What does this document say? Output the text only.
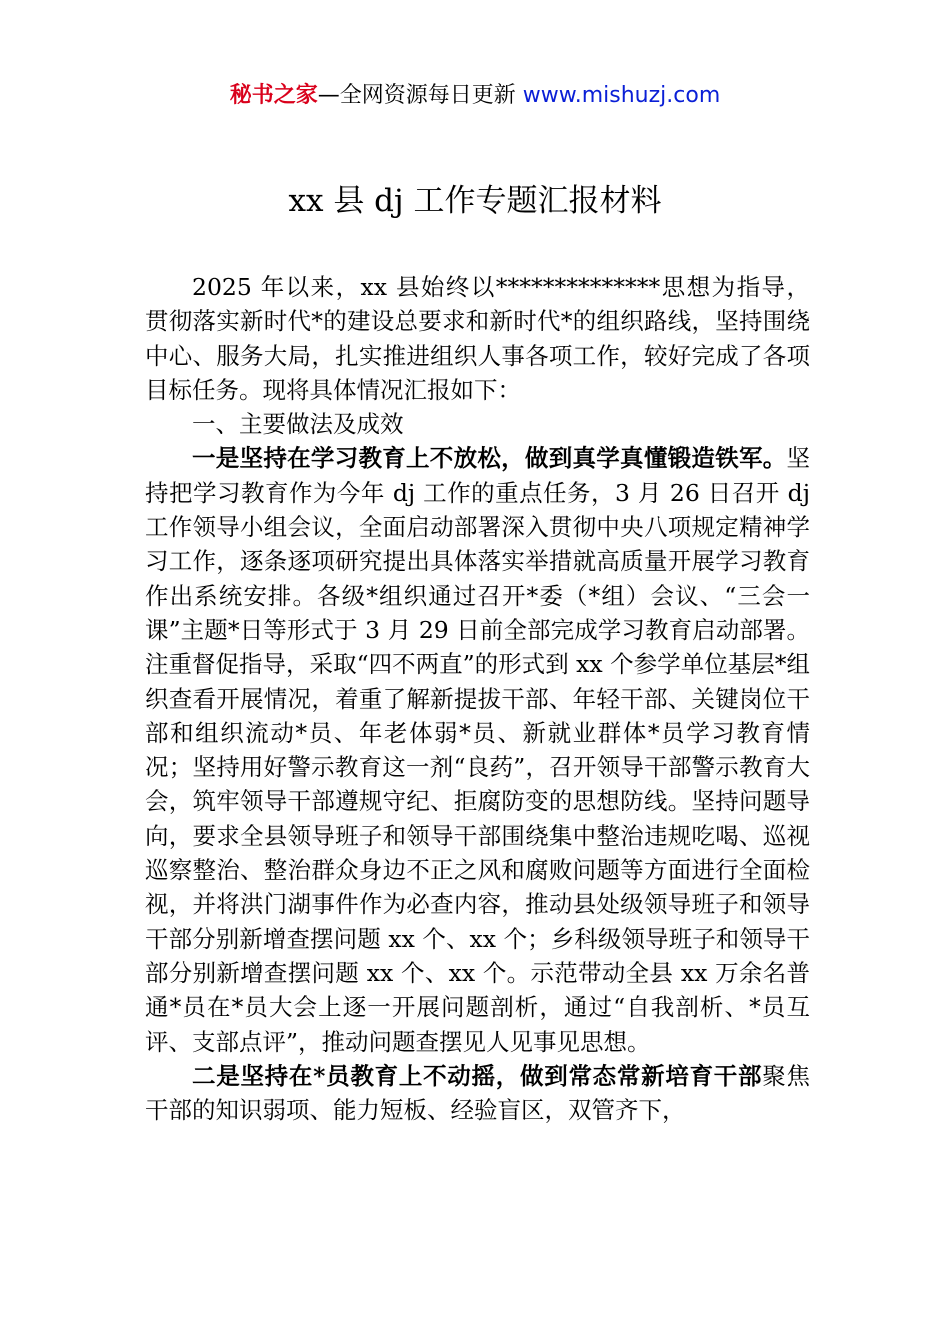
秘书之家—全网资源每日更新 www.mishuzj.com
xx 县 dj 工作专题汇报材料

2025 年以来，xx 县始终以**************思想为指导，贯彻落实新时代*的建设总要求和新时代*的组织路线，坚持围绕中心、服务大局，扎实推进组织人事各项工作，较好完成了各项目标任务。现将具体情况汇报如下：

一、主要做法及成效

一是坚持在学习教育上不放松，做到真学真懂锻造铁军。坚持把学习教育作为今年 dj 工作的重点任务，3 月 26 日召开 dj 工作领导小组会议，全面启动部署深入贯彻中央八项规定精神学习工作，逐条逐项研究提出具体落实举措就高质量开展学习教育作出系统安排。各级*组织通过召开*委（*组）会议、“三会一课”主题*日等形式于 3 月 29 日前全部完成学习教育启动部署。注重督促指导，采取“四不两直”的形式到 xx 个参学单位基层*组织查看开展情况，着重了解新提拔干部、年轻干部、关键岗位干部和组织流动*员、年老体弱*员、新就业群体*员学习教育情况；坚持用好警示教育这一剂“良药”，召开领导干部警示教育大会，筑牢领导干部遵规守纪、拒腐防变的思想防线。坚持问题导向，要求全县领导班子和领导干部围绕集中整治违规吃喝、巡视巡察整治、整治群众身边不正之风和腐败问题等方面进行全面检视，并将洪门湖事件作为必查内容，推动县处级领导班子和领导干部分别新增查摆问题 xx 个、xx 个；乡科级领导班子和领导干部分别新增查摆问题 xx 个、xx 个。示范带动全县 xx 万余名普通*员在*员大会上逐一开展问题剖析，通过“自我剖析、*员互评、支部点评”，推动问题查摆见人见事见思想。

二是坚持在*员教育上不动摇，做到常态常新培育干部聚焦干部的知识弱项、能力短板、经验盲区，双管齐下，
